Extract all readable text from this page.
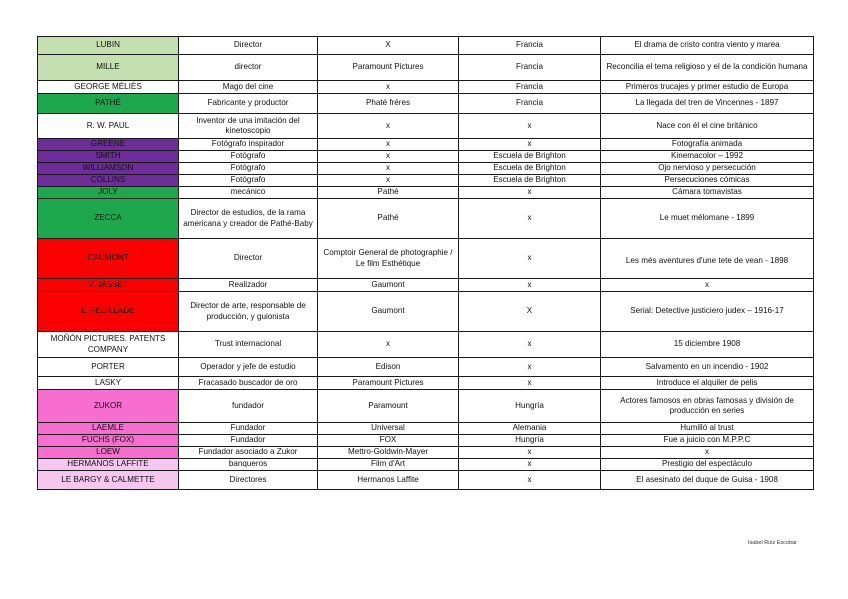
LUBIN	Director	X	Francia	El drama de cristo contra viento y marea
MILLE	director	Paramount Pictures	Francia	Reconcilia el tema religioso y el de la condición humana
GEORGE MÉLIÉS	Mago del cine	x	Francia	Primeros trucajes y primer estudio de Europa
PATHÉ	Fabricante y productor	Phaté fréres	Francia	La llegada del tren de Vincennes - 1897
R. W. PAUL	Inventor de una imitación del kinetoscopio	x	x	Nace con él el cine británico
GREENE	Fotógrafo inspirador	x	x	Fotografía animada
SMITH	Fotógrafo	x	Escuela de Brighton	Kinemacolor – 1992
WILLIAMSON	Fotógrafo	x	Escuela de Brighton	Ojo nervioso y persecución
COLLINS	Fotógrafo	x	Escuela de Brighton	Persecuciones cómicas
JOLY	mecánico	Pathé	x	Cámara tomavistas
ZECCA	Director de estudios, de la rama americana y creador de Pathé-Baby	Pathé	x	Le muet mélomane - 1899
GAUMONT	Director	Comptoir General de photographie / Le film Esthétique	x	Les més aventures d'une tete de vean - 1898
V. JASSET	Realizador	Gaumont	x	x
L. FEUILLADE	Director de arte, responsable de producción, y guionista	Gaumont	X	Serial: Detective justiciero judex – 1916-17
MOÑÓN PICTURES. PATENTS COMPANY	Trust internacional	x	x	15 diciembre 1908
PORTER	Operador y jefe de estudio	Edison	x	Salvamento en un incendio - 1902
LASKY	Fracasado buscador de oro	Paramount Pictures	x	Introduce el alquiler de pelis
ZUKOR	fundador	Paramount	Hungría	Actores famosos en obras famosas y división de producción en series
LAEMLE	Fundador	Universal	Alemania	Humilló al trust
FUCHS (FOX)	Fundador	FOX	Hungría	Fue a juicio con M.P.P.C
LOEW	Fundador asociado a Zukor	Mettro-Goldwin-Mayer	x	x
HERMANOS LAFFITE	banqueros	Film d'Art	x	Prestigio del espectáculo
LE BARGY & CALMETTE	Directores	Hermanos Laffite	x	El asesinato del duque de Guisa - 1908
Isabel Ruiz Escobar
